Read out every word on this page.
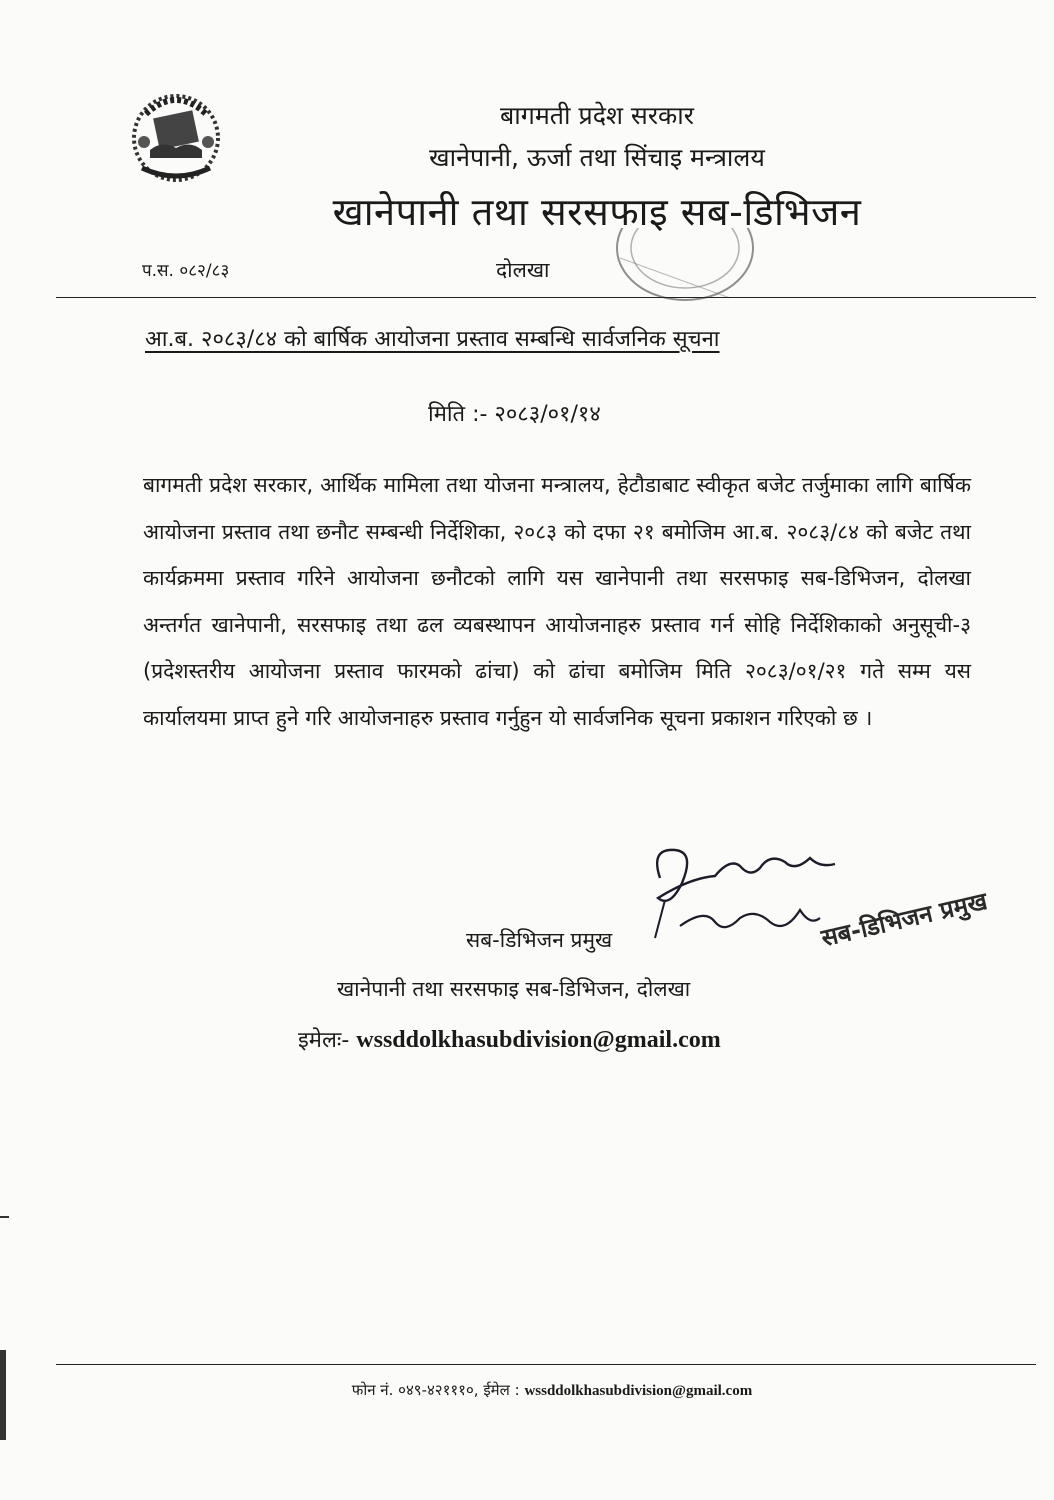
बागमती प्रदेश सरकार
खानेपानी, ऊर्जा तथा सिंचाइ मन्त्रालय
खानेपानी तथा सरसफाइ सब-डिभिजन
प.स. ०८२/८३	दोलखा
आ.ब. २०८३/८४ को बार्षिक आयोजना प्रस्ताव सम्बन्धि सार्वजनिक सूचना
मिति :- २०८३/०१/१४
बागमती प्रदेश सरकार, आर्थिक मामिला तथा योजना मन्त्रालय, हेटौडाबाट स्वीकृत बजेट तर्जुमाका लागि बार्षिक आयोजना प्रस्ताव तथा छनौट सम्बन्धी निर्देशिका, २०८३ को दफा २१ बमोजिम आ.ब. २०८३/८४ को बजेट तथा कार्यक्रममा प्रस्ताव गरिने आयोजना छनौटको लागि यस खानेपानी तथा सरसफाइ सब-डिभिजन, दोलखा अन्तर्गत खानेपानी, सरसफाइ तथा ढल व्यबस्थापन आयोजनाहरु प्रस्ताव गर्न सोहि निर्देशिकाको अनुसूची-३ (प्रदेशस्तरीय आयोजना प्रस्ताव फारमको ढांचा) को ढांचा बमोजिम मिति २०८३/०१/२१ गते सम्म यस कार्यालयमा प्राप्त हुने गरि आयोजनाहरु प्रस्ताव गर्नुहुन यो सार्वजनिक सूचना प्रकाशन गरिएको छ ।
सब-डिभिजन प्रमुख
खानेपानी तथा सरसफाइ सब-डिभिजन, दोलखा
सब-डिभिजन प्रमुख
इमेलः- wssddolkhasubdivision@gmail.com
फोन नं. ०४९-४२१११०, ईमेल : wssddolkhasubdivision@gmail.com
